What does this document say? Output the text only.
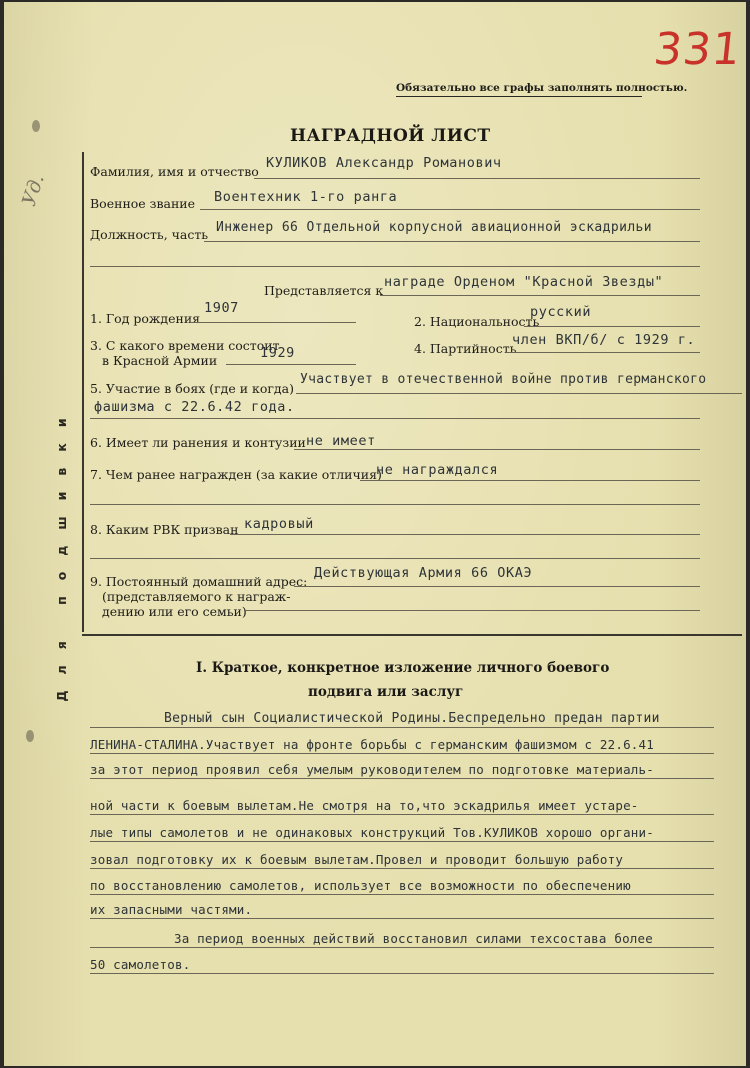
331
Уд.
Обязательно все графы заполнять полностью.
НАГРАДНОЙ ЛИСТ
Фамилия, имя и отчество
КУЛИКОВ Александр Романович
Военное звание Воентехник 1-го ранга
Должность, часть Инженер 66 Отдельной корпусной авиационной эскадрильи
Представляется к
награде Орденом "Красной Звезды"
1. Год рождения
1907
2. Национальность
русский
3. С какого времени состоит
в Красной Армии	1929	4. Партийность
член ВКП/б/ с 1929 г.
5. Участие в боях (где и когда)
Участвует в отечественной войне против германского
фашизма с 22.6.42 года.
6. Имеет ли ранения и контузии не имеет
7. Чем ранее награжден (за какие отличия)
не награждался
8. Каким РВК призван кадровый
9. Постоянный домашний адрес:
(представляемого к награж-
дению или его семьи)
Действующая Армия 66 ОКАЭ
Для подшивки	I. Краткое, конкретное изложение личного боевого
подвига или заслуг
Верный сын Социалистической Родины.Беспредельно предан партии
ЛЕНИНА-СТАЛИНА.Участвует на фронте борьбы с германским фашизмом с 22.6.41
за этот период проявил себя умелым руководителем по подготовке материаль-
ной части к боевым вылетам.Не смотря на то,что эскадрилья имеет устаре-
лые типы самолетов и не одинаковых конструкций Тов.КУЛИКОВ хорошо органи-
зовал подготовку их к боевым вылетам.Провел и проводит большую работу
по восстановлению самолетов, использует все возможности по обеспечению
их запасными частями.
За период военных действий восстановил силами техсостава более
50 самолетов.
